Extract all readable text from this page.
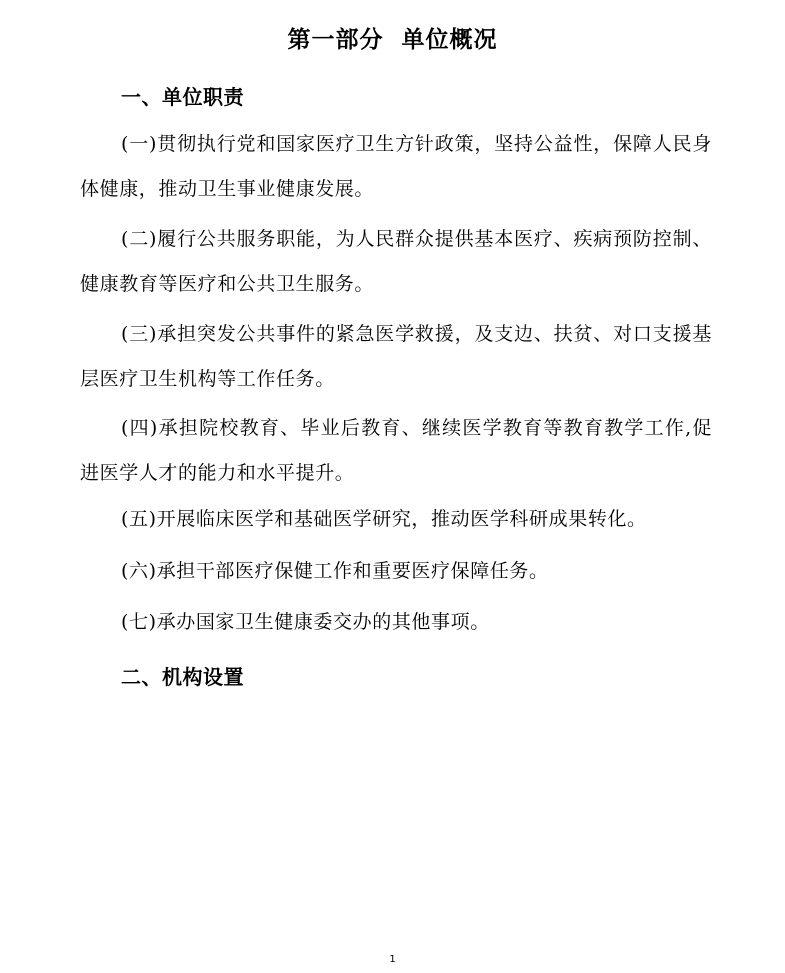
第一部分  单位概况
一、单位职责

(一)贯彻执行党和国家医疗卫生方针政策，坚持公益性，保障人民身体健康，推动卫生事业健康发展。

(二)履行公共服务职能，为人民群众提供基本医疗、疾病预防控制、健康教育等医疗和公共卫生服务。

(三)承担突发公共事件的紧急医学救援，及支边、扶贫、对口支援基层医疗卫生机构等工作任务。

(四)承担院校教育、毕业后教育、继续医学教育等教育教学工作,促进医学人才的能力和水平提升。

(五)开展临床医学和基础医学研究，推动医学科研成果转化。

(六)承担干部医疗保健工作和重要医疗保障任务。

(七)承办国家卫生健康委交办的其他事项。

二、机构设置
1
